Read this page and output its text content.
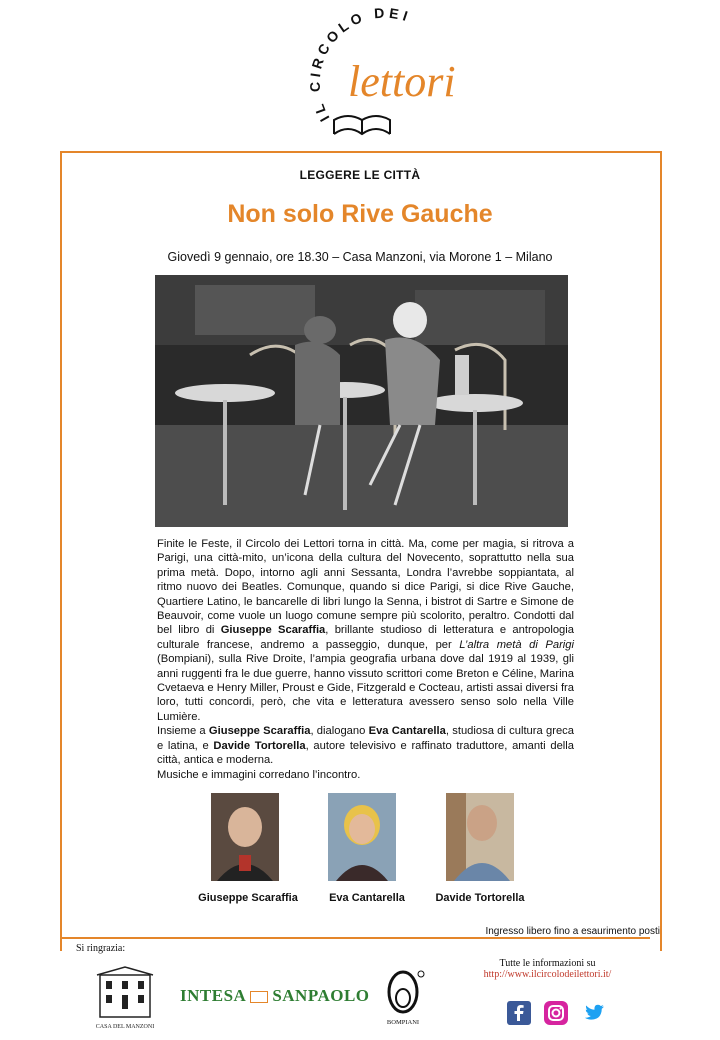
IL CIRCOLO DEI
lettori
LEGGERE LE CITTÀ
Non solo Rive Gauche
Giovedì 9 gennaio, ore 18.30 – Casa Manzoni, via Morone 1 – Milano

Finite le Feste, il Circolo dei Lettori torna in città. Ma, come per magia, si ritrova a Parigi, una città-mito, un’icona della cultura del Novecento, soprattutto nella sua prima metà. Dopo, intorno agli anni Sessanta, Londra l’avrebbe soppiantata, al ritmo nuovo dei Beatles. Comunque, quando si dice Parigi, si dice Rive Gauche, Quartiere Latino, le bancarelle di libri lungo la Senna, i bistrot di Sartre e Simone de Beauvoir, come vuole un luogo comune sempre più scolorito, peraltro. Condotti dal bel libro di Giuseppe Scaraffia, brillante studioso di letteratura e antropologia culturale francese, andremo a passeggio, dunque, per L’altra metà di Parigi (Bompiani), sulla Rive Droite, l’ampia geografia urbana dove dal 1919 al 1939, gli anni ruggenti fra le due guerre, hanno vissuto scrittori come Breton e Céline, Marina Cvetaeva e Henry Miller, Proust e Gide, Fitzgerald e Cocteau, artisti assai diversi fra loro, tutti concordi, però, che vita e letteratura avessero senso solo nella Ville Lumière.

Insieme a Giuseppe Scaraffia, dialogano Eva Cantarella, studiosa di cultura greca e latina, e Davide Tortorella, autore televisivo e raffinato traduttore, amanti della città, antica e moderna.

Musiche e immagini corredano l’incontro.

Giuseppe Scaraffia	Eva Cantarella	Davide Tortorella
Ingresso libero fino a esaurimento posti
Si ringrazia:
CASA DEL MANZONI
INTESA SANPAOLO
BOMPIANI
Tutte le informazioni su
http://www.ilcircolodeilettori.it/
